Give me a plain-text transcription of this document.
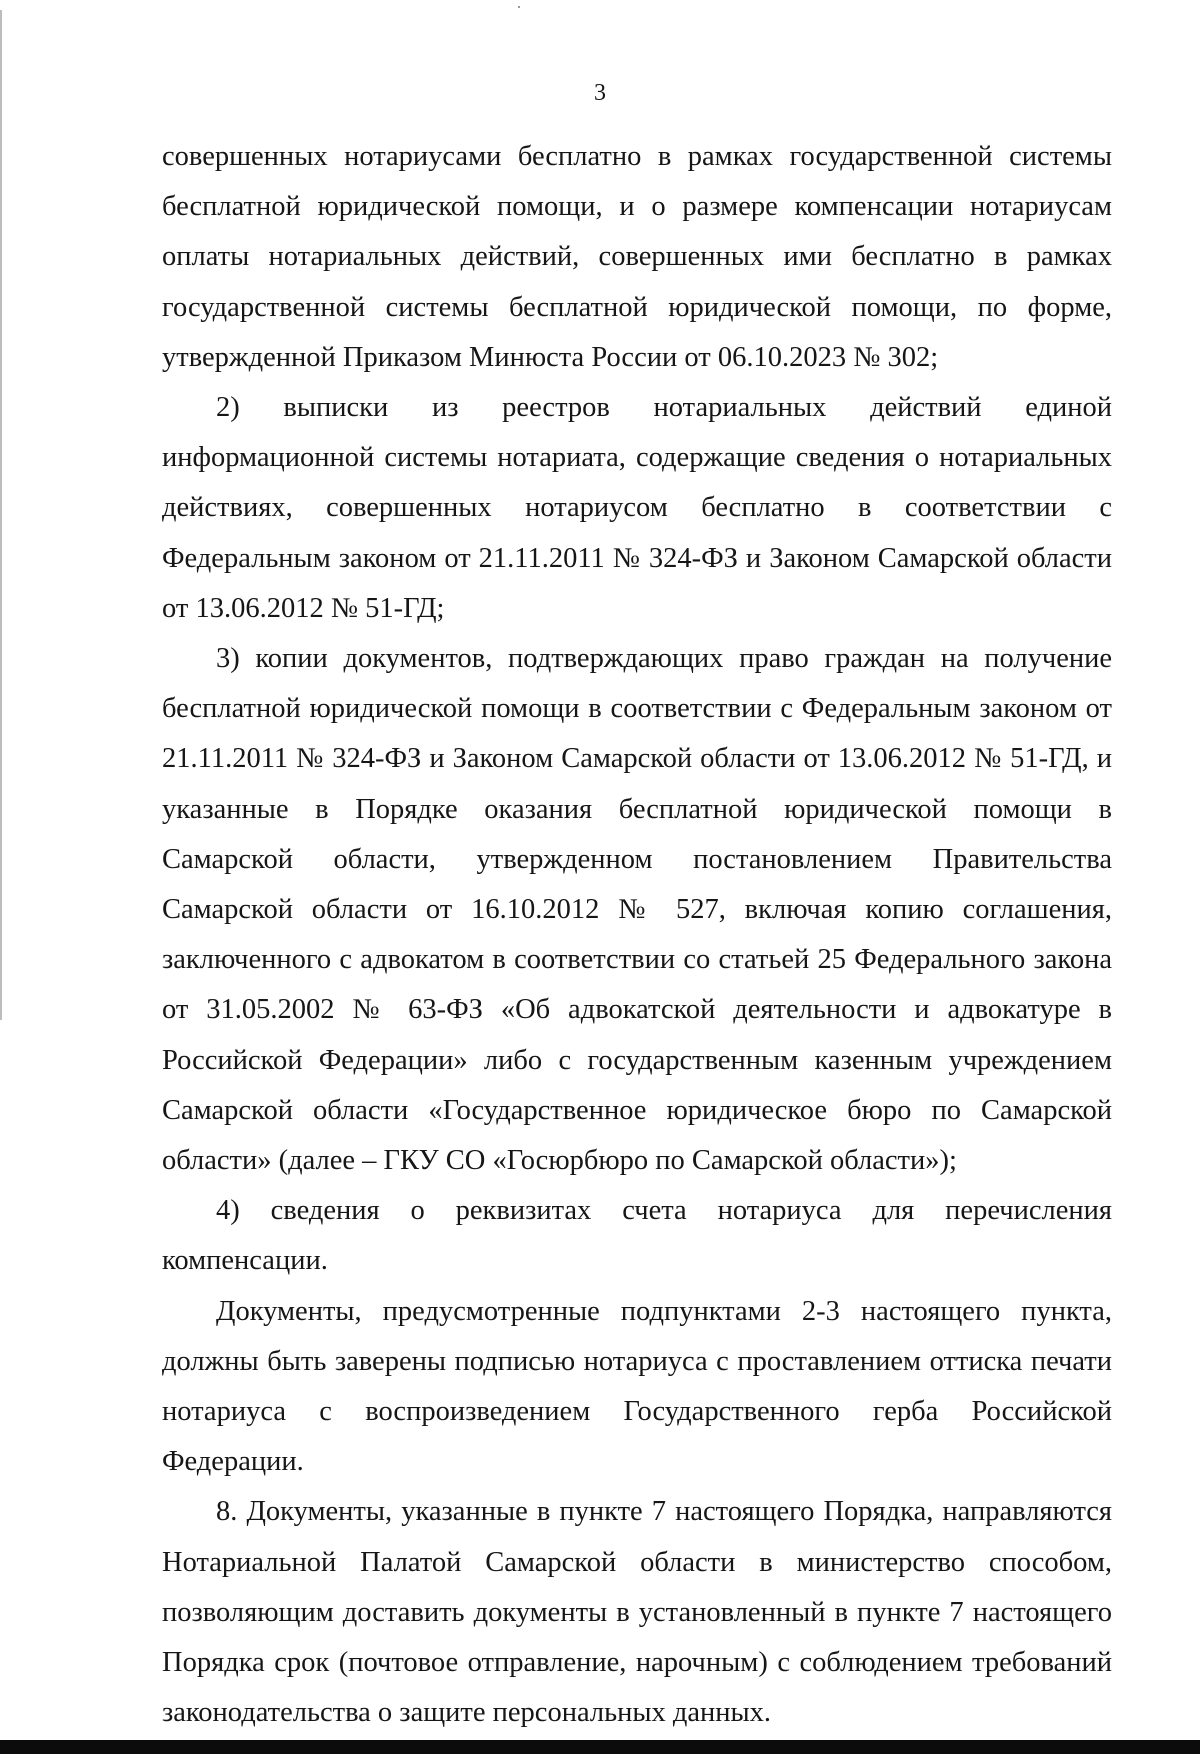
3

совершенных нотариусами бесплатно в рамках государственной системы бесплатной юридической помощи, и о размере компенсации нотариусам оплаты нотариальных действий, совершенных ими бесплатно в рамках государственной системы бесплатной юридической помощи, по форме, утвержденной Приказом Минюста России от 06.10.2023 № 302;

2) выписки из реестров нотариальных действий единой информационной системы нотариата, содержащие сведения о нотариальных действиях, совершенных нотариусом бесплатно в соответствии с Федеральным законом от 21.11.2011 № 324-ФЗ и Законом Самарской области от 13.06.2012 № 51-ГД;

3) копии документов, подтверждающих право граждан на получение бесплатной юридической помощи в соответствии с Федеральным законом от 21.11.2011 № 324-ФЗ и Законом Самарской области от 13.06.2012 № 51-ГД, и указанные в Порядке оказания бесплатной юридической помощи в Самарской области, утвержденном постановлением Правительства Самарской области от 16.10.2012 № 527, включая копию соглашения, заключенного с адвокатом в соответствии со статьей 25 Федерального закона от 31.05.2002 № 63-ФЗ «Об адвокатской деятельности и адвокатуре в Российской Федерации» либо с государственным казенным учреждением Самарской области «Государственное юридическое бюро по Самарской области» (далее – ГКУ СО «Госюрбюро по Самарской области»);

4) сведения о реквизитах счета нотариуса для перечисления компенсации.

Документы, предусмотренные подпунктами 2-3 настоящего пункта, должны быть заверены подписью нотариуса с проставлением оттиска печати нотариуса с воспроизведением Государственного герба Российской Федерации.

8. Документы, указанные в пункте 7 настоящего Порядка, направляются Нотариальной Палатой Самарской области в министерство способом, позволяющим доставить документы в установленный в пункте 7 настоящего Порядка срок (почтовое отправление, нарочным) с соблюдением требований законодательства о защите персональных данных.
